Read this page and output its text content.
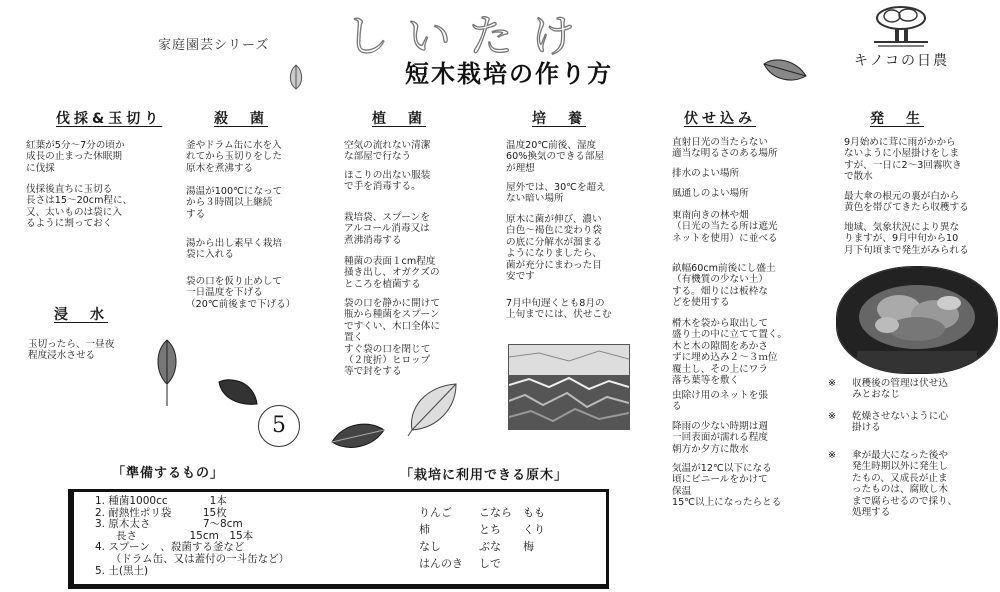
家庭園芸シリーズ しいたけ
短木栽培の作り方	キノコの日農
伐採&玉切り
紅葉が5分～7分の頃か
成長の止まった休眠期
に伐採
伐採後直ちに玉切る
長さは15～20cm程に、
又、太いものは袋に入
るように割っておく
浸　水
玉切ったら、一昼夜
程度浸水させる
殺　菌
釜やドラム缶に水を入
れてから玉切りをした
原木を煮沸する
湯温が100℃になって
から３時間以上継続
する
湯から出し素早く栽培
袋に入れる
袋の口を仮り止めして
一日温度を下げる
（20℃前後まで下げる）
植　菌
空気の流れない清潔
な部屋で行なう
ほこりの出ない服装
で手を消毒する。
栽培袋、スプーンを
アルコール消毒又は
煮沸消毒する
種菌の表面１cm程度
掻き出し、オガクズの
ところを植菌する
袋の口を静かに開けて
瓶から種菌をスプーン
ですくい、木口全体に
置く
すぐ袋の口を閉じて
（２度折）ヒロップ
等で封をする
培　養
温度20℃前後、湿度
60%換気のできる部屋
が理想
屋外では、30℃を超え
ない暗い場所
原木に菌が伸び、濃い
白色～褐色に変わり袋
の底に分解水が溜まる
ようになりましたら、
菌が充分にまわった目
安です
7月中旬遅くとも8月の
上旬までには、伏せこむ
伏せ込み
直射日光の当たらない
適当な明るさのある場所
排水のよい場所
風通しのよい場所
東南向きの林や畑
（日光の当たる所は遮光
ネットを使用）に並べる
畝幅60cm前後にし盛土
（有機質の少ない土）
する。畑りには板枠な
どを使用する
榾木を袋から取出して
盛り土の中に立てて置く。
木と木の隙間をあかさ
ずに埋め込み２～３ｍ位
覆土し、その上にワラ
落ち葉等を敷く
虫除け用のネットを張
る
降雨の少ない時期は週
一回表面が濡れる程度
朝方か夕方に散水
気温が12℃以下になる
頃にビニールをかけて
保温
15℃以上になったらとる
発　生
9月始めに茸に雨がかから
ないように小屋掛けをしま
すが、一日に2～3回霧吹き
で散水
最大傘の根元の裏が白から
黄色を帯びてきたら収穫する
地域、気象状況により異な
りますが、9月中旬から10
月下旬頃まで発生がみられる
※ 収穫後の管理は伏せ込
みとおなじ
※ 乾燥させないように心
掛ける
※ 傘が最大になった後や
発生時期以外に発生し
たもの、又成長が止ま
ったものは、腐敗し木
まで腐らせるので採り、
処理する
5
「準備するもの」	「栽培に利用できる原木」
1. 種菌1000cc　　　　1本
2. 耐熱性ポリ袋　　　15枚
3. 原木太さ　　　　　7～8cm
　　長さ　　　　　15cm　15本
4. スプーン　、殺菌する釜など
　　（ドラム缶、又は蓋付の一斗缶など）
5. 土(黒土)
りんご	こなら	もも
柿	とち	くり
なし	ぶな	梅
はんのき	しで
